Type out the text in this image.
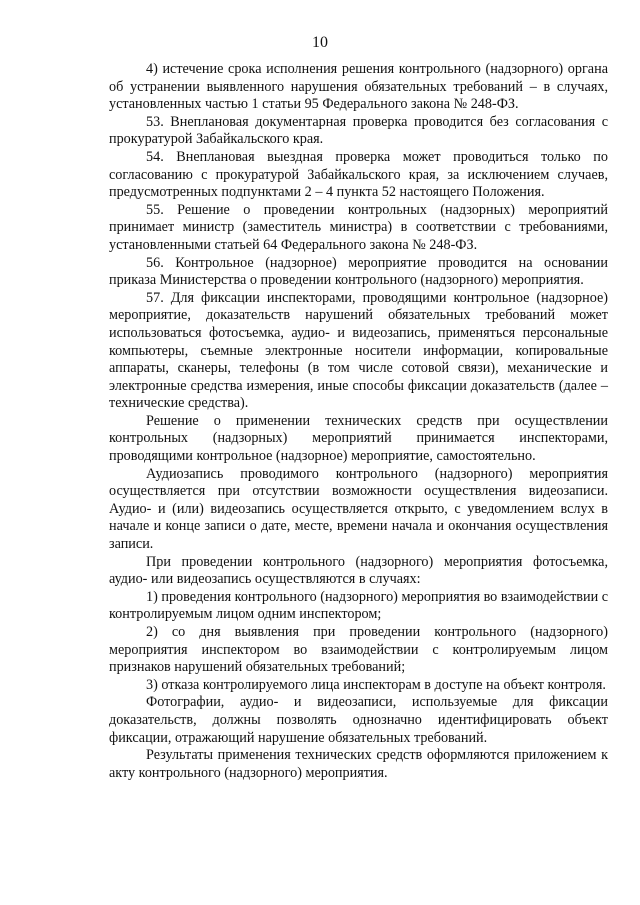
10

4) истечение срока исполнения решения контрольного (надзорного) органа об устранении выявленного нарушения обязательных требований – в случаях, установленных частью 1 статьи 95 Федерального закона № 248-ФЗ.

53. Внеплановая документарная проверка проводится без согласования с прокуратурой Забайкальского края.

54. Внеплановая выездная проверка может проводиться только по согласованию с прокуратурой Забайкальского края, за исключением случаев, предусмотренных подпунктами 2 – 4 пункта 52 настоящего Положения.

55. Решение о проведении контрольных (надзорных) мероприятий принимает министр (заместитель министра) в соответствии с требованиями, установленными статьей 64 Федерального закона № 248-ФЗ.

56. Контрольное (надзорное) мероприятие проводится на основании приказа Министерства о проведении контрольного (надзорного) мероприятия.

57. Для фиксации инспекторами, проводящими контрольное (надзорное) мероприятие, доказательств нарушений обязательных требований может использоваться фотосъемка, аудио- и видеозапись, применяться персональные компьютеры, съемные электронные носители информации, копировальные аппараты, сканеры, телефоны (в том числе сотовой связи), механические и электронные средства измерения, иные способы фиксации доказательств (далее – технические средства).

Решение о применении технических средств при осуществлении контрольных (надзорных) мероприятий принимается инспекторами, проводящими контрольное (надзорное) мероприятие, самостоятельно.

Аудиозапись проводимого контрольного (надзорного) мероприятия осуществляется при отсутствии возможности осуществления видеозаписи. Аудио- и (или) видеозапись осуществляется открыто, с уведомлением вслух в начале и конце записи о дате, месте, времени начала и окончания осуществления записи.

При проведении контрольного (надзорного) мероприятия фотосъемка, аудио- или видеозапись осуществляются в случаях:

1) проведения контрольного (надзорного) мероприятия во взаимодействии с контролируемым лицом одним инспектором;

2) со дня выявления при проведении контрольного (надзорного) мероприятия инспектором во взаимодействии с контролируемым лицом признаков нарушений обязательных требований;

3) отказа контролируемого лица инспекторам в доступе на объект контроля.

Фотографии, аудио- и видеозаписи, используемые для фиксации доказательств, должны позволять однозначно идентифицировать объект фиксации, отражающий нарушение обязательных требований.

Результаты применения технических средств оформляются приложением к акту контрольного (надзорного) мероприятия.
